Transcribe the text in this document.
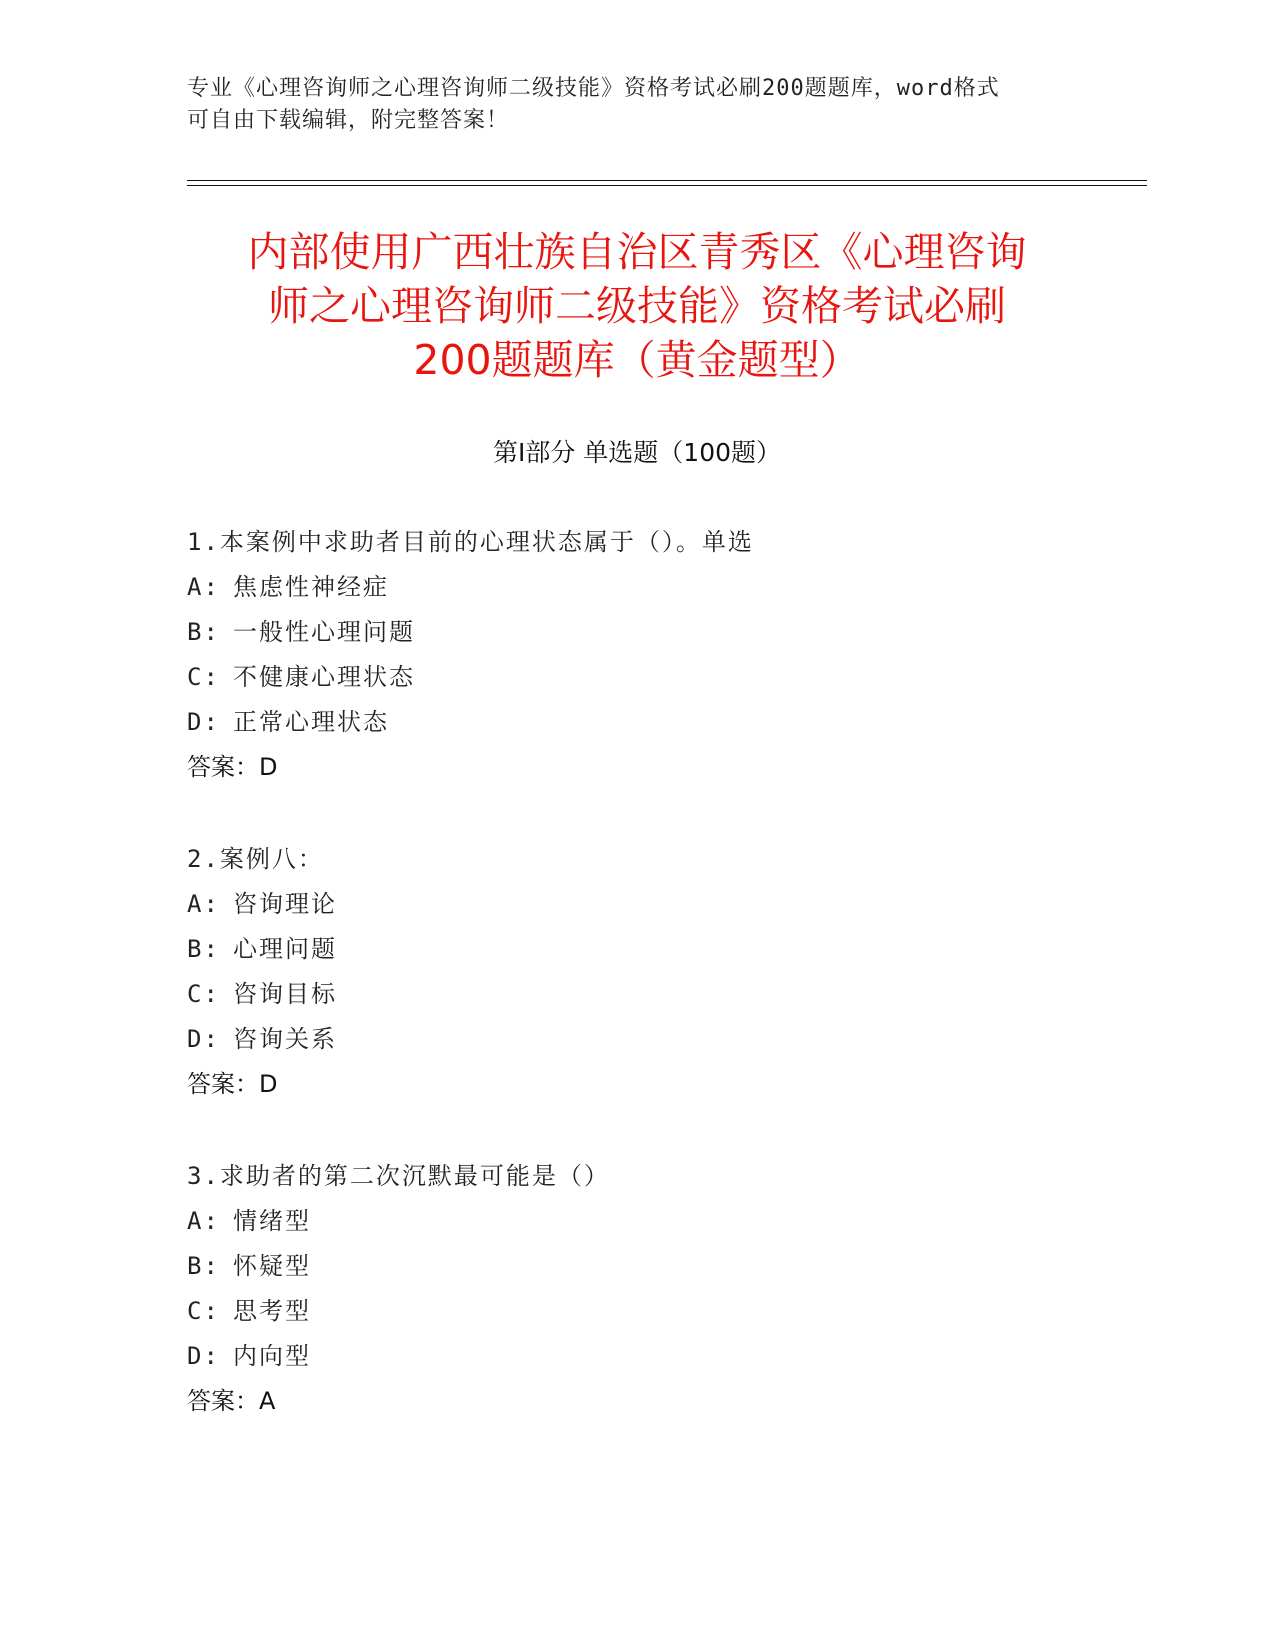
专业《心理咨询师之心理咨询师二级技能》资格考试必刷200题题库，word格式
可自由下载编辑，附完整答案！
内部使用广西壮族自治区青秀区《心理咨询
师之心理咨询师二级技能》资格考试必刷
200题题库（黄金题型）
第Ⅰ部分 单选题（100题）
1.本案例中求助者目前的心理状态属于（）。单选
A: 焦虑性神经症
B: 一般性心理问题
C: 不健康心理状态
D: 正常心理状态
答案：D
2.案例八：
A: 咨询理论
B: 心理问题
C: 咨询目标
D: 咨询关系
答案：D
3.求助者的第二次沉默最可能是（）
A: 情绪型
B: 怀疑型
C: 思考型
D: 内向型
答案：A
